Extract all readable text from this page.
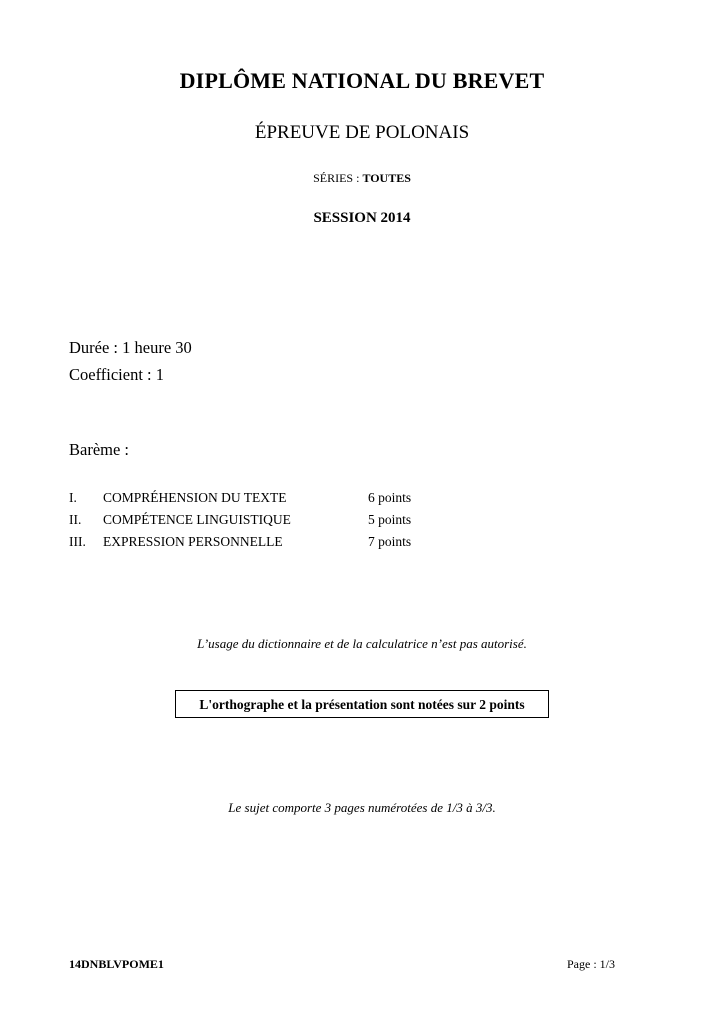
DIPLÔME NATIONAL DU BREVET
ÉPREUVE DE POLONAIS
SÉRIES : TOUTES
SESSION 2014
Durée : 1 heure 30
Coefficient : 1
Barème :
I. COMPRÉHENSION DU TEXTE	6 points
II. COMPÉTENCE LINGUISTIQUE	5 points
III. EXPRESSION PERSONNELLE	7 points
L’usage du dictionnaire et de la calculatrice n’est pas autorisé.
L'orthographe et la présentation sont notées sur 2 points
Le sujet comporte 3 pages numérotées de 1/3 à 3/3.
14DNBLVPOME1	Page : 1/3
